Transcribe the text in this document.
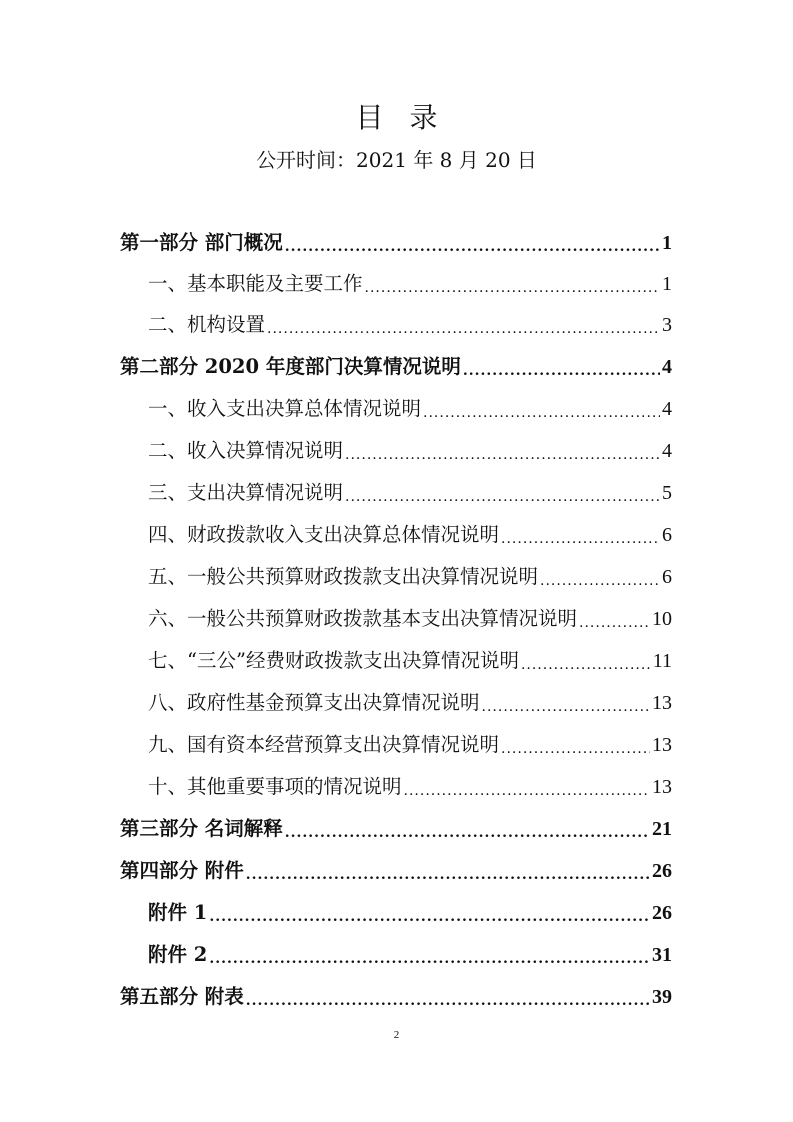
目录
公开时间：2021 年 8 月 20 日
第一部分 部门概况 .....	1
一、基本职能及主要工作 .....	1
二、机构设置 .....	3
第二部分 2020 年度部门决算情况说明 .....	4
一、收入支出决算总体情况说明 .....	4
二、收入决算情况说明 .....	4
三、支出决算情况说明 .....	5
四、财政拨款收入支出决算总体情况说明 .....	6
五、一般公共预算财政拨款支出决算情况说明 .....	6
六、一般公共预算财政拨款基本支出决算情况说明 .....	10
七、“三公”经费财政拨款支出决算情况说明 .....	11
八、政府性基金预算支出决算情况说明 .....	13
九、国有资本经营预算支出决算情况说明 .....	13
十、其他重要事项的情况说明 .....	13
第三部分 名词解释 .....	21
第四部分 附件 .....	26
附件 1 .....	26
附件 2 .....	31
第五部分 附表 .....	39
2
